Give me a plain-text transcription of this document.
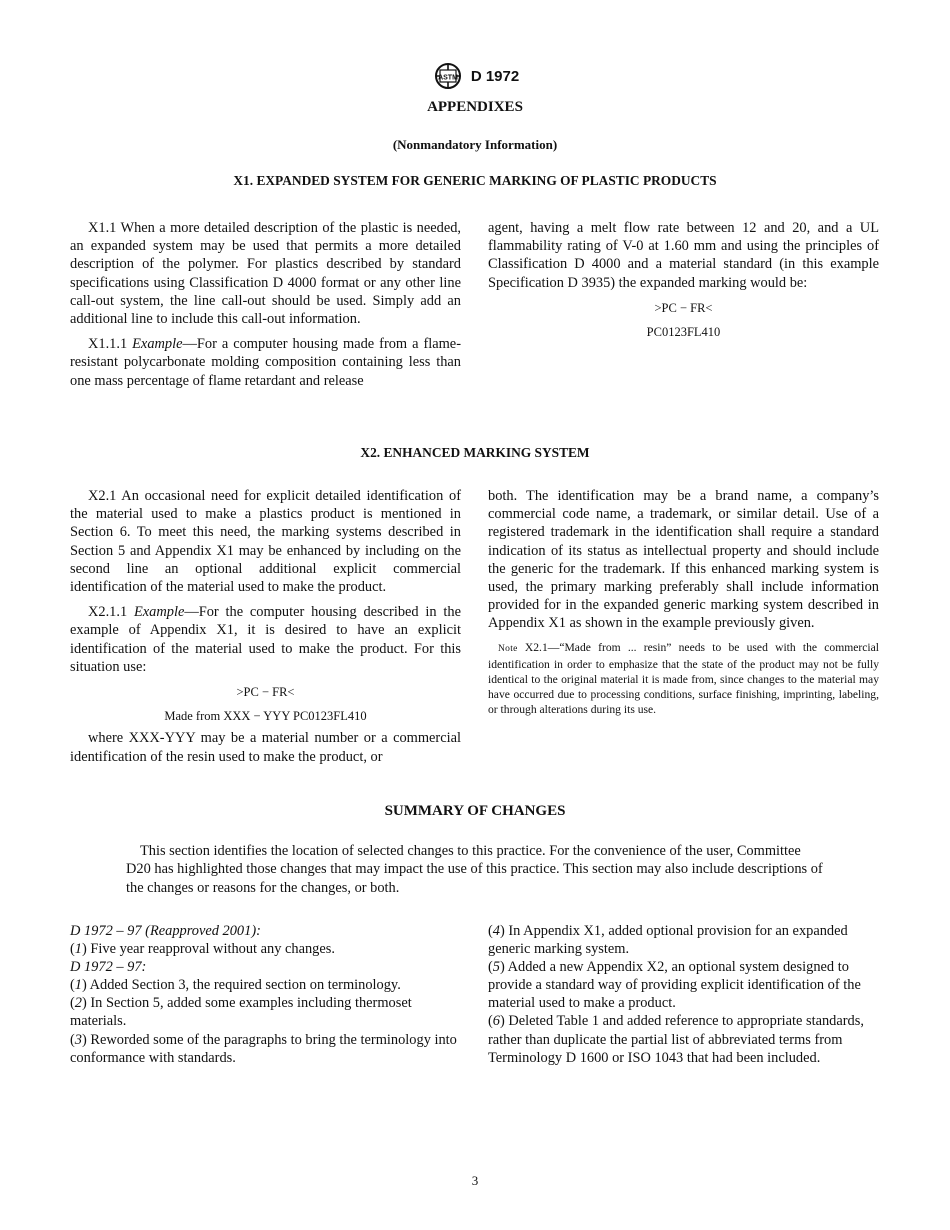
ASTM D 1972
APPENDIXES
(Nonmandatory Information)
X1. EXPANDED SYSTEM FOR GENERIC MARKING OF PLASTIC PRODUCTS

X1.1 When a more detailed description of the plastic is needed, an expanded system may be used that permits a more detailed description of the polymer. For plastics described by standard specifications using Classification D 4000 format or any other line call-out system, the line call-out should be used. Simply add an additional line to include this call-out information.

X1.1.1 Example—For a computer housing made from a flame-resistant polycarbonate molding composition containing less than one mass percentage of flame retardant and release

agent, having a melt flow rate between 12 and 20, and a UL flammability rating of V-0 at 1.60 mm and using the principles of Classification D 4000 and a material standard (in this example Specification D 3935) the expanded marking would be:

>PC − FR<

PC0123FL410

X2. ENHANCED MARKING SYSTEM

X2.1 An occasional need for explicit detailed identification of the material used to make a plastics product is mentioned in Section 6. To meet this need, the marking systems described in Section 5 and Appendix X1 may be enhanced by including on the second line an optional additional explicit commercial identification of the material used to make the product.

X2.1.1 Example—For the computer housing described in the example of Appendix X1, it is desired to have an explicit identification of the material used to make the product. For this situation use:

>PC − FR<

Made from XXX − YYY PC0123FL410

where XXX-YYY may be a material number or a commercial identification of the resin used to make the product, or

both. The identification may be a brand name, a company’s commercial code name, a trademark, or similar detail. Use of a registered trademark in the identification shall require a standard indication of its status as intellectual property and should include the generic for the trademark. If this enhanced marking system is used, the primary marking preferably shall include information provided for in the expanded generic marking system described in Appendix X1 as shown in the example previously given.

Note X2.1—“Made from ... resin” needs to be used with the commercial identification in order to emphasize that the state of the product may not be fully identical to the original material it is made from, since changes to the material may have occurred due to processing conditions, surface finishing, imprinting, labeling, or through alterations during its use.

SUMMARY OF CHANGES
This section identifies the location of selected changes to this practice. For the convenience of the user, Committee D20 has highlighted those changes that may impact the use of this practice. This section may also include descriptions of the changes or reasons for the changes, or both.
D 1972 – 97 (Reapproved 2001):
(1) Five year reapproval without any changes.
D 1972 – 97:
(1) Added Section 3, the required section on terminology.
(2) In Section 5, added some examples including thermoset materials.
(3) Reworded some of the paragraphs to bring the terminology into conformance with standards.
(4) In Appendix X1, added optional provision for an expanded generic marking system.
(5) Added a new Appendix X2, an optional system designed to provide a standard way of providing explicit identification of the material used to make a product.
(6) Deleted Table 1 and added reference to appropriate standards, rather than duplicate the partial list of abbreviated terms from Terminology D 1600 or ISO 1043 that had been included.
3
